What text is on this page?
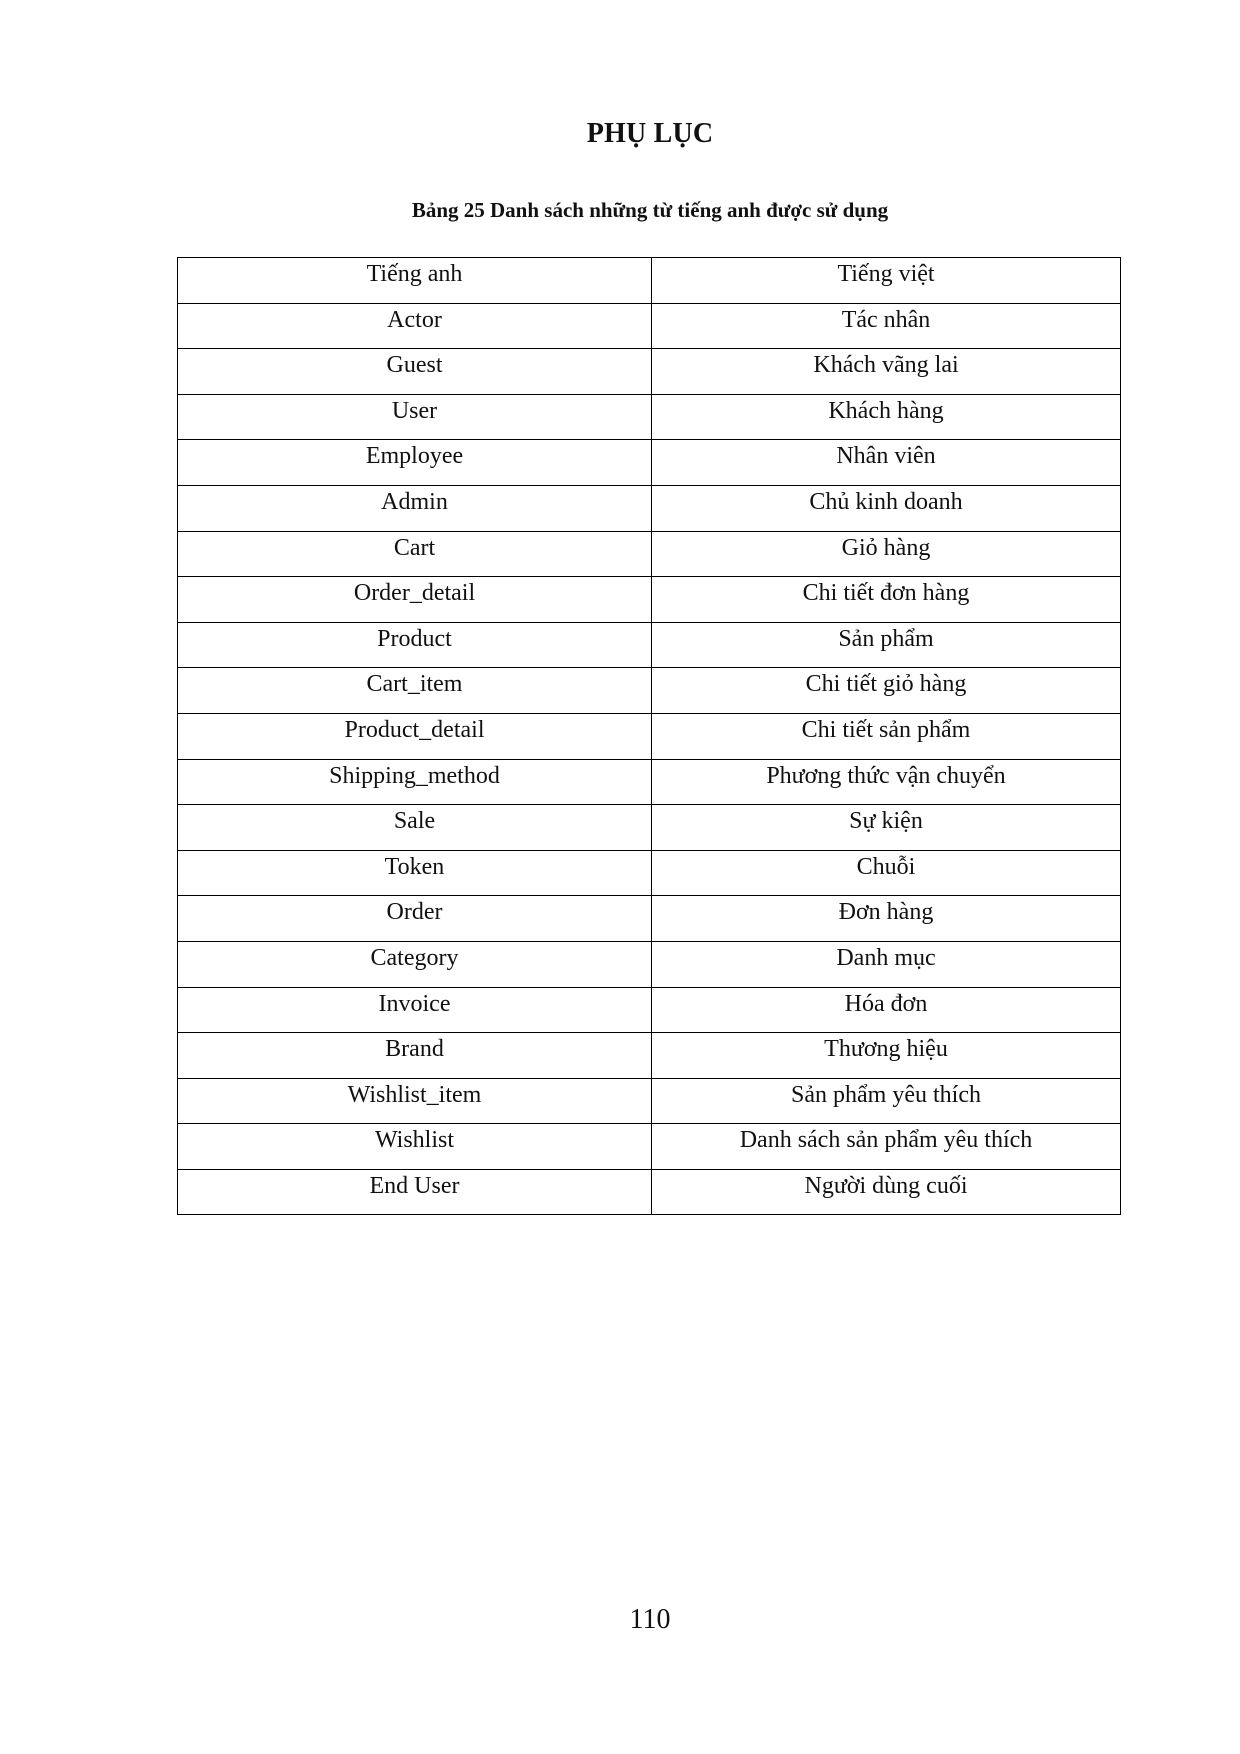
PHỤ LỤC
Bảng 25 Danh sách những từ tiếng anh được sử dụng
Tiếng anh	Tiếng việt
Actor	Tác nhân
Guest	Khách vãng lai
User	Khách hàng
Employee	Nhân viên
Admin	Chủ kinh doanh
Cart	Giỏ hàng
Order_detail	Chi tiết đơn hàng
Product	Sản phẩm
Cart_item	Chi tiết giỏ hàng
Product_detail	Chi tiết sản phẩm
Shipping_method	Phương thức vận chuyển
Sale	Sự kiện
Token	Chuỗi
Order	Đơn hàng
Category	Danh mục
Invoice	Hóa đơn
Brand	Thương hiệu
Wishlist_item	Sản phẩm yêu thích
Wishlist	Danh sách sản phẩm yêu thích
End User	Người dùng cuối
110
